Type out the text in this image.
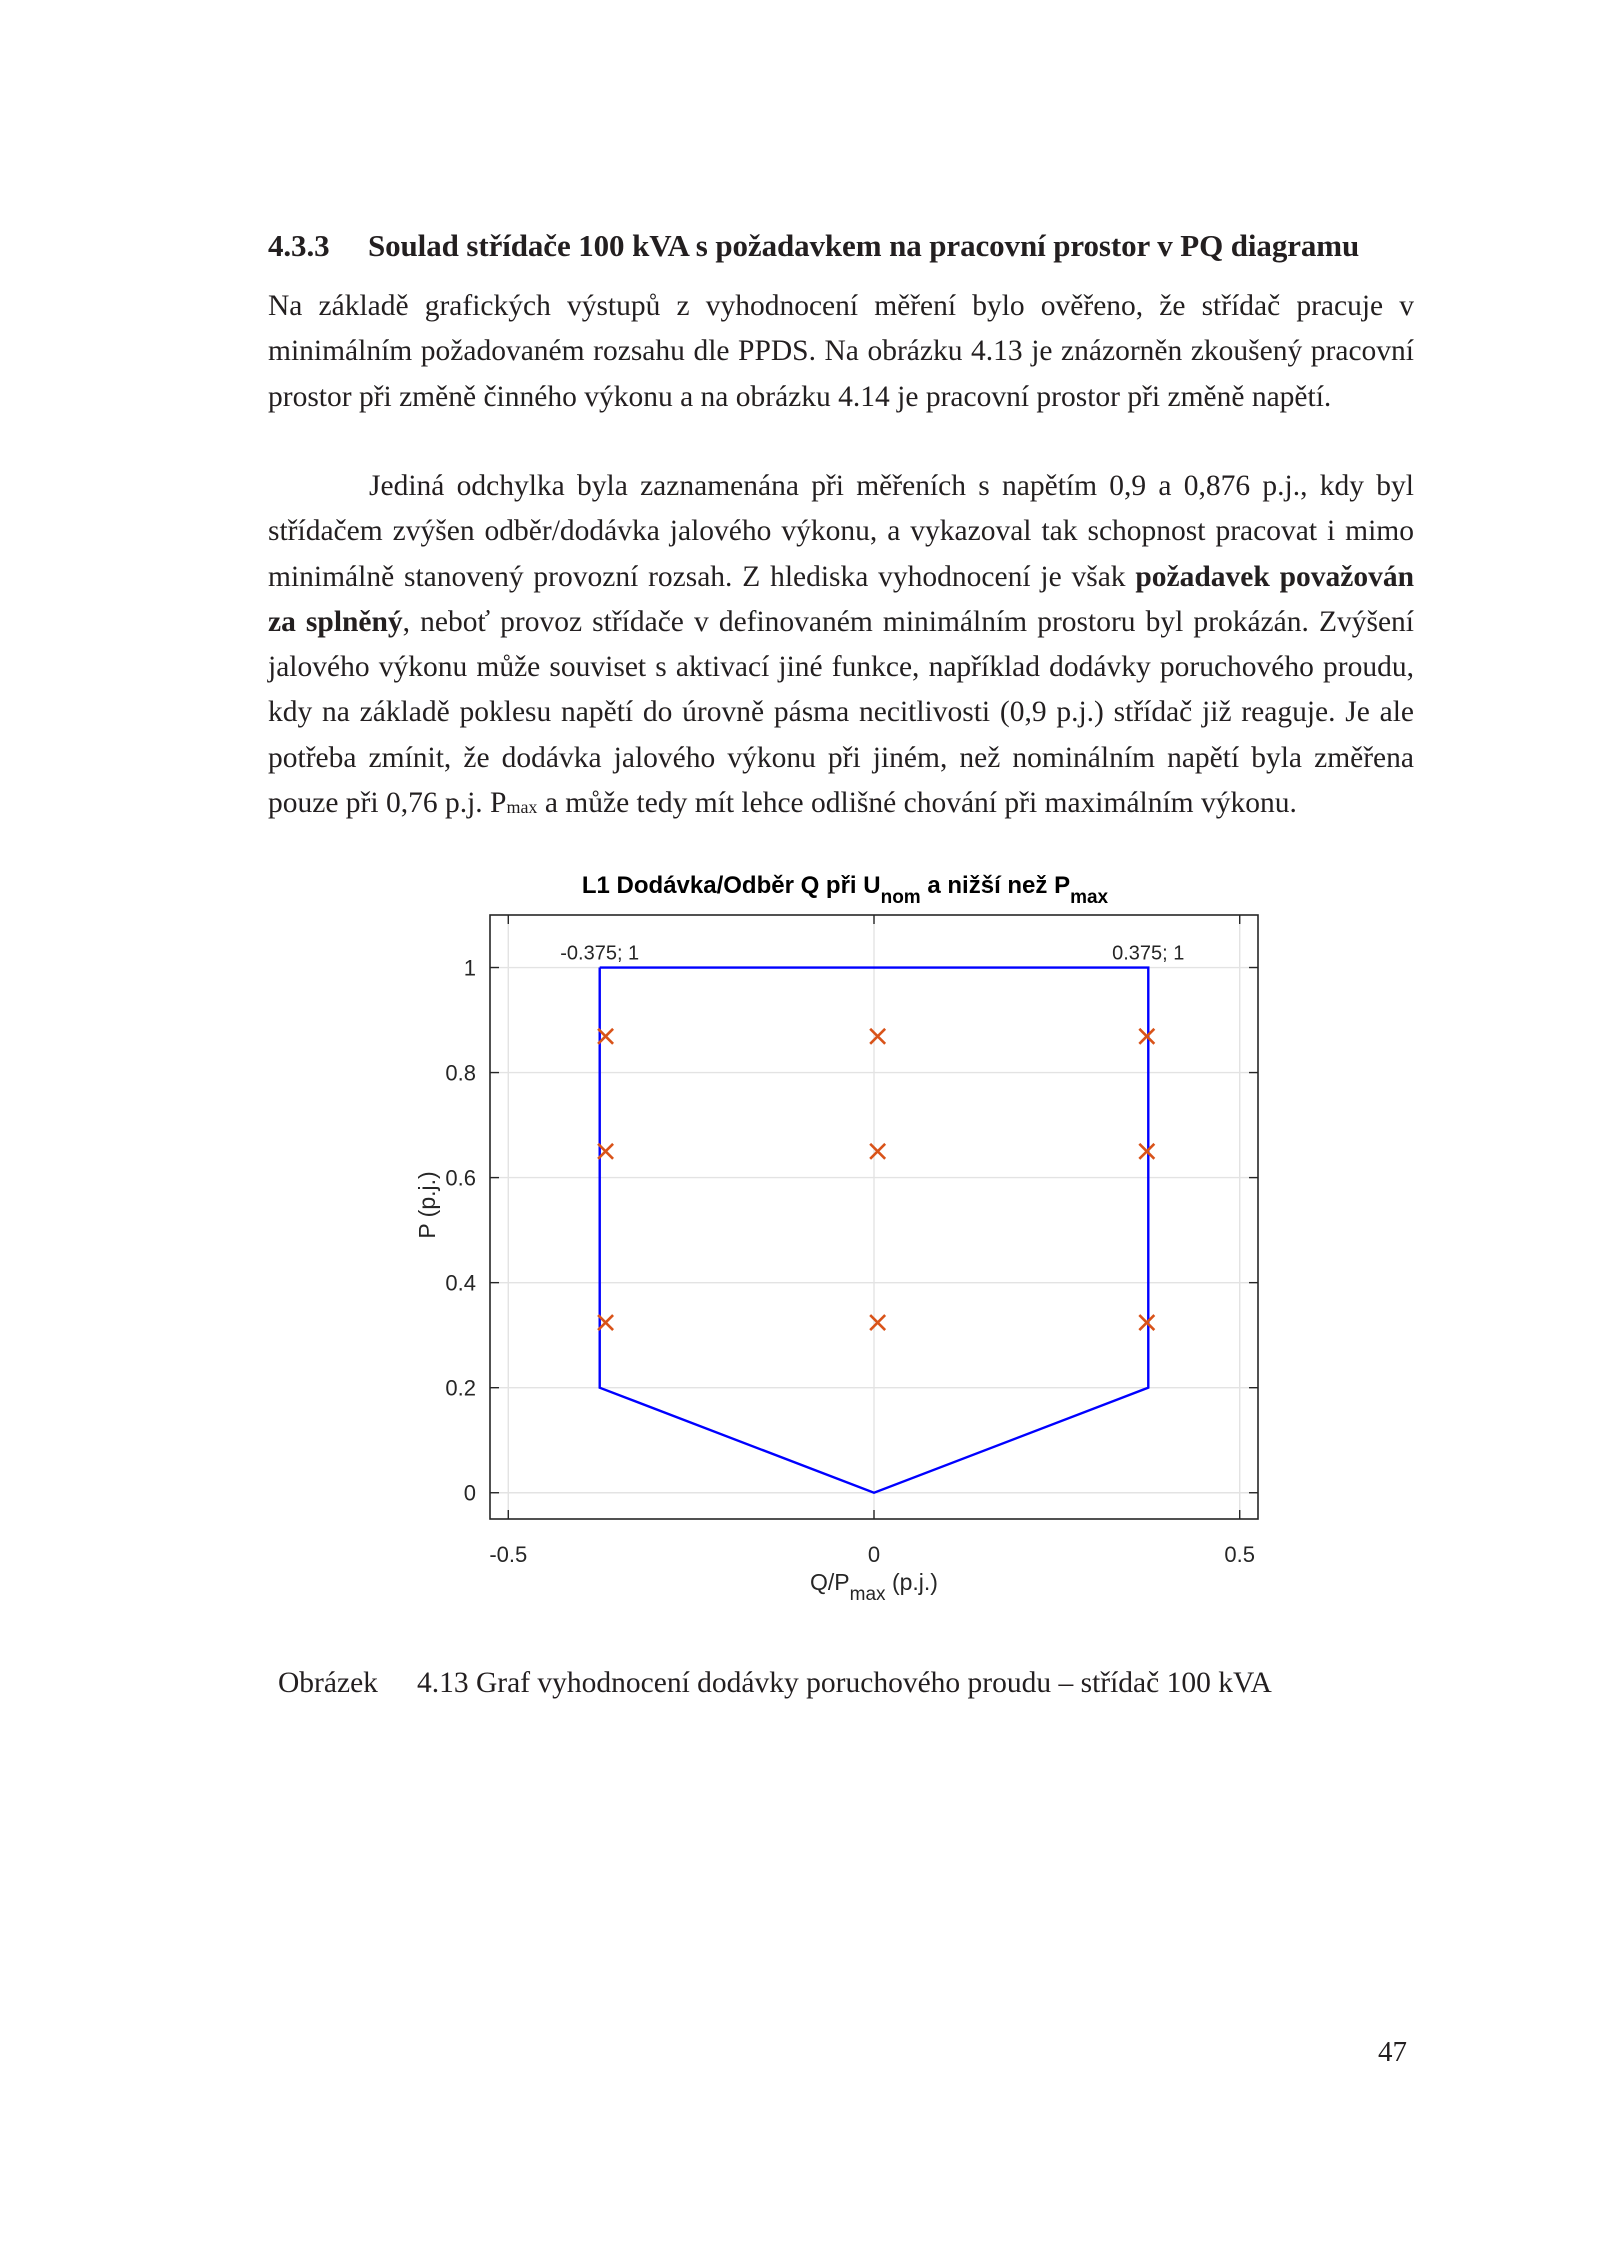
4.3.3 Soulad střídače 100 kVA s požadavkem na pracovní prostor v PQ diagramu
Na základě grafických výstupů z vyhodnocení měření bylo ověřeno, že střídač pracuje v minimálním požadovaném rozsahu dle PPDS. Na obrázku 4.13 je znázorněn zkoušený pracovní prostor při změně činného výkonu a na obrázku 4.14 je pracovní prostor při změně napětí.
Jediná odchylka byla zaznamenána při měřeních s napětím 0,9 a 0,876 p.j., kdy byl střídačem zvýšen odběr/dodávka jalového výkonu, a vykazoval tak schopnost pracovat i mimo minimálně stanovený provozní rozsah. Z hlediska vyhodnocení je však požadavek považován za splněný, neboť provoz střídače v definovaném minimálním prostoru byl prokázán. Zvýšení jalového výkonu může souviset s aktivací jiné funkce, například dodávky poruchového proudu, kdy na základě poklesu napětí do úrovně pásma necitlivosti (0,9 p.j.) střídač již reaguje. Je ale potřeba zmínit, že dodávka jalového výkonu při jiném, než nominálním napětí byla změřena pouze při 0,76 p.j. Pmax a může tedy mít lehce odlišné chování při maximálním výkonu.
-0.5	0	0.5
0
0.2
0.4
0.6
0.8
1
-0.375; 1	0.375; 1
L1 Dodávka/Odběr Q při $U_{nom}$ a nižší než $P_{max}$
$Q/P_{max}$ (p.j.)
P (p.j.)
Obrázek 4.13 Graf vyhodnocení dodávky poruchového proudu – střídač 100 kVA
47
